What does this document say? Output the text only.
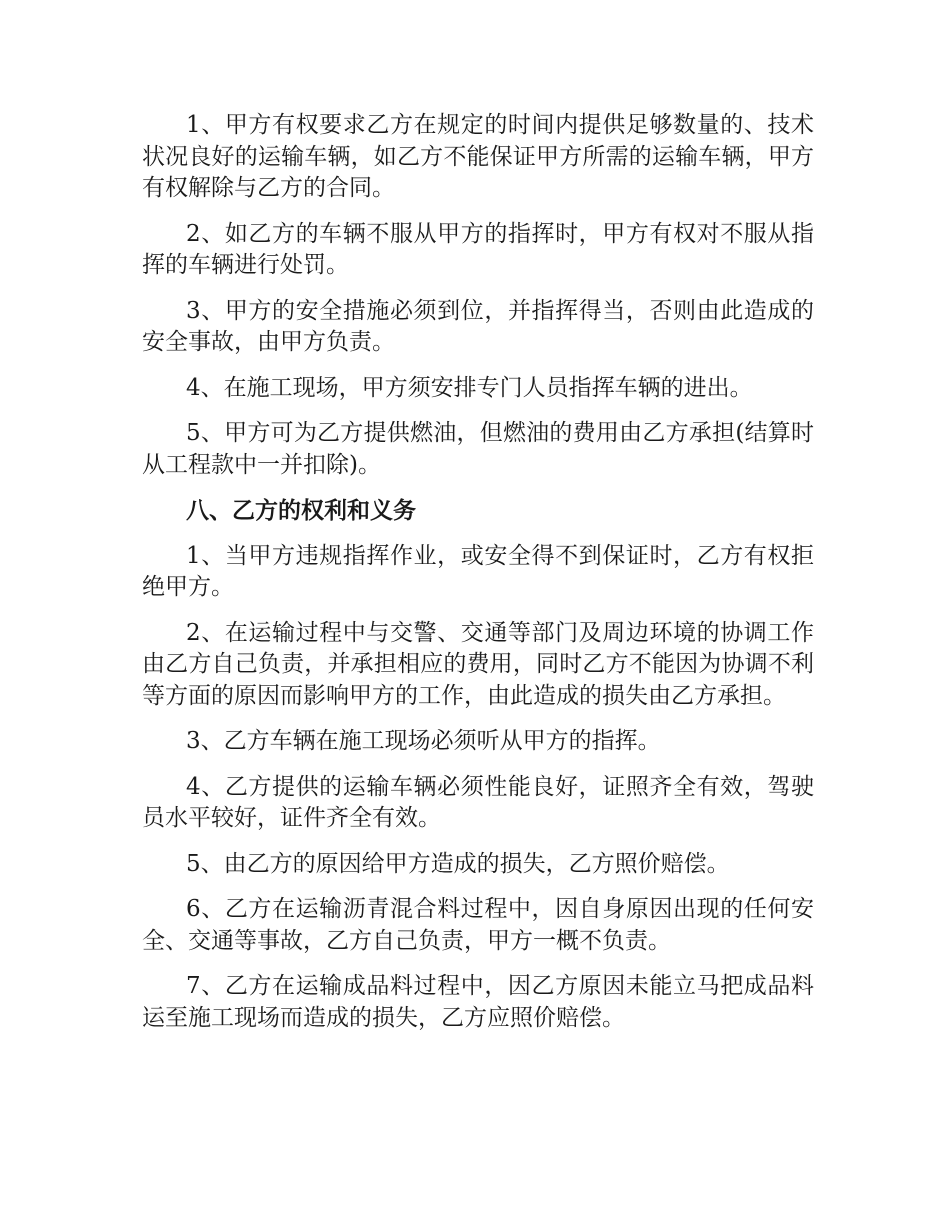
1、甲方有权要求乙方在规定的时间内提供足够数量的、技术状况良好的运输车辆，如乙方不能保证甲方所需的运输车辆，甲方有权解除与乙方的合同。

2、如乙方的车辆不服从甲方的指挥时，甲方有权对不服从指挥的车辆进行处罚。

3、甲方的安全措施必须到位，并指挥得当，否则由此造成的安全事故，由甲方负责。

4、在施工现场，甲方须安排专门人员指挥车辆的进出。

5、甲方可为乙方提供燃油，但燃油的费用由乙方承担(结算时从工程款中一并扣除)。

八、乙方的权利和义务

1、当甲方违规指挥作业，或安全得不到保证时，乙方有权拒绝甲方。

2、在运输过程中与交警、交通等部门及周边环境的协调工作由乙方自己负责，并承担相应的费用，同时乙方不能因为协调不利等方面的原因而影响甲方的工作，由此造成的损失由乙方承担。

3、乙方车辆在施工现场必须听从甲方的指挥。

4、乙方提供的运输车辆必须性能良好，证照齐全有效，驾驶员水平较好，证件齐全有效。

5、由乙方的原因给甲方造成的损失，乙方照价赔偿。

6、乙方在运输沥青混合料过程中，因自身原因出现的任何安全、交通等事故，乙方自己负责，甲方一概不负责。

7、乙方在运输成品料过程中，因乙方原因未能立马把成品料运至施工现场而造成的损失，乙方应照价赔偿。
